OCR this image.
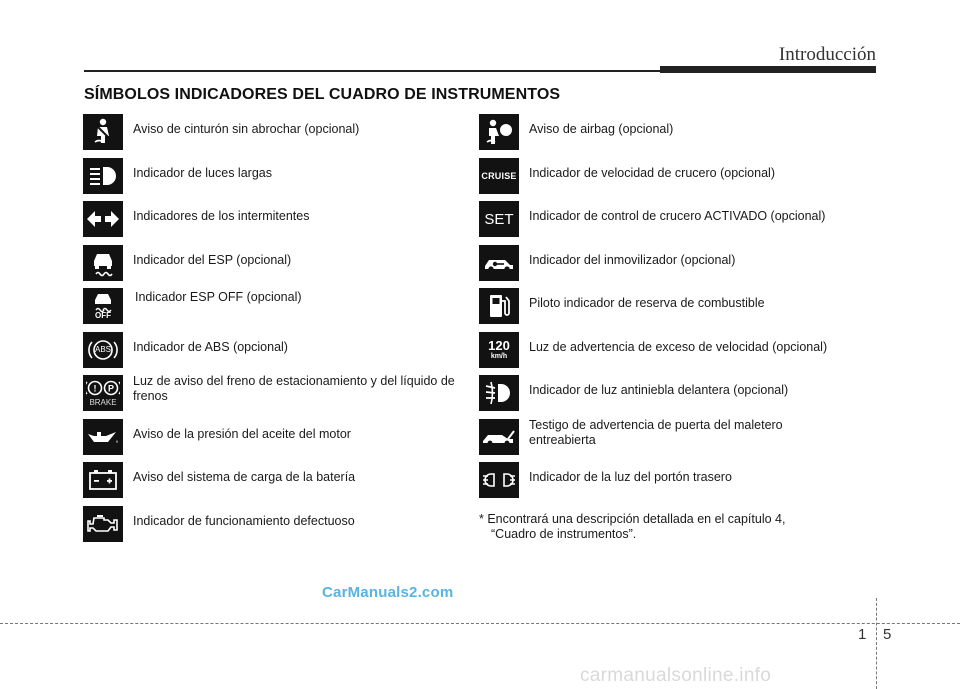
Introducción
SÍMBOLOS INDICADORES DEL CUADRO DE INSTRUMENTOS
Aviso de cinturón sin abrochar (opcional)
Indicador de luces largas
Indicadores de los intermitentes
Indicador del ESP (opcional)
OFF
Indicador ESP OFF (opcional)
ABS Indicador de ABS (opcional)
! P
BRAKE
Luz de aviso del freno de estacionamiento y del líquido de frenos
Aviso de la presión del aceite del motor
Aviso del sistema de carga de la batería
Indicador de funcionamiento defectuoso
Aviso de airbag (opcional)
CRUISE Indicador de velocidad de crucero (opcional)
SET Indicador de control de crucero ACTIVADO (opcional)
Indicador del inmovilizador (opcional)
Piloto indicador de reserva de combustible
120
km/h
Luz de advertencia de exceso de velocidad (opcional)
Indicador de luz antiniebla delantera (opcional)
Testigo de advertencia de puerta del maletero entreabierta
Indicador de la luz del portón trasero
* Encontrará una descripción detallada en el capítulo 4,
“Cuadro de instrumentos”.
CarManuals2.com
1 5
carmanualsonline.info
